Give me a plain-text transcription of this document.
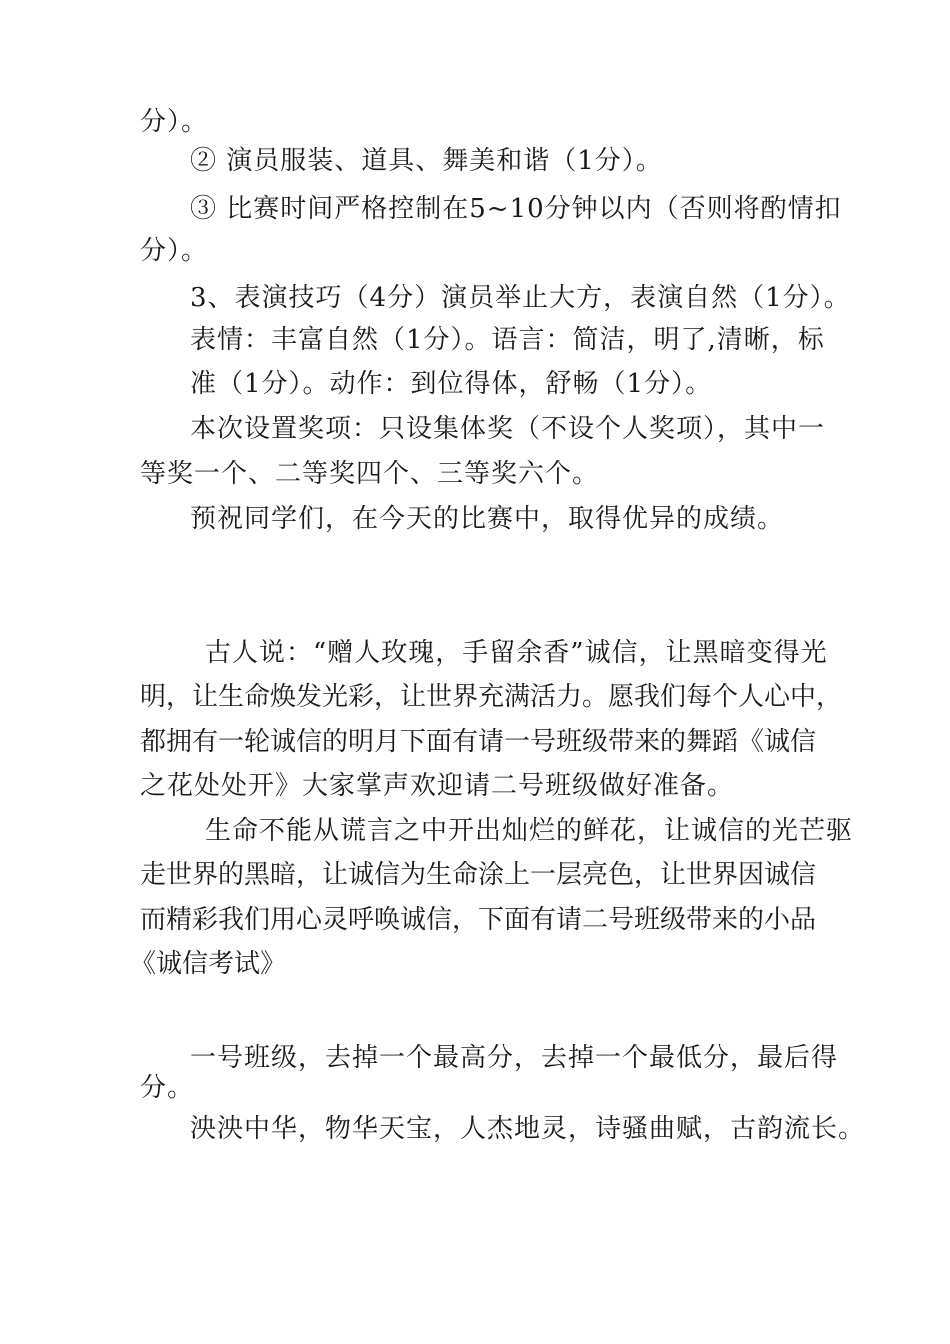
分）。
② 演员服装、道具、舞美和谐（1分）。
③ 比赛时间严格控制在5~10分钟以内（否则将酌情扣
分）。
3、表演技巧（4分）演员举止大方，表演自然（1分）。
表情：丰富自然（1分）。语言：简洁，明了,清晰，标
准（1分）。动作：到位得体，舒畅（1分）。
本次设置奖项：只设集体奖（不设个人奖项），其中一
等奖一个、二等奖四个、三等奖六个。
预祝同学们，在今天的比赛中，取得优异的成绩。
古人说：“赠人玫瑰，手留余香”诚信，让黑暗变得光
明，让生命焕发光彩，让世界充满活力。愿我们每个人心中，
都拥有一轮诚信的明月下面有请一号班级带来的舞蹈《诚信
之花处处开》大家掌声欢迎请二号班级做好准备。
生命不能从谎言之中开出灿烂的鲜花，让诚信的光芒驱
走世界的黑暗，让诚信为生命涂上一层亮色，让世界因诚信
而精彩我们用心灵呼唤诚信，下面有请二号班级带来的小品
《诚信考试》
一号班级，去掉一个最高分，去掉一个最低分，最后得
分。
泱泱中华，物华天宝，人杰地灵，诗骚曲赋，古韵流长。
